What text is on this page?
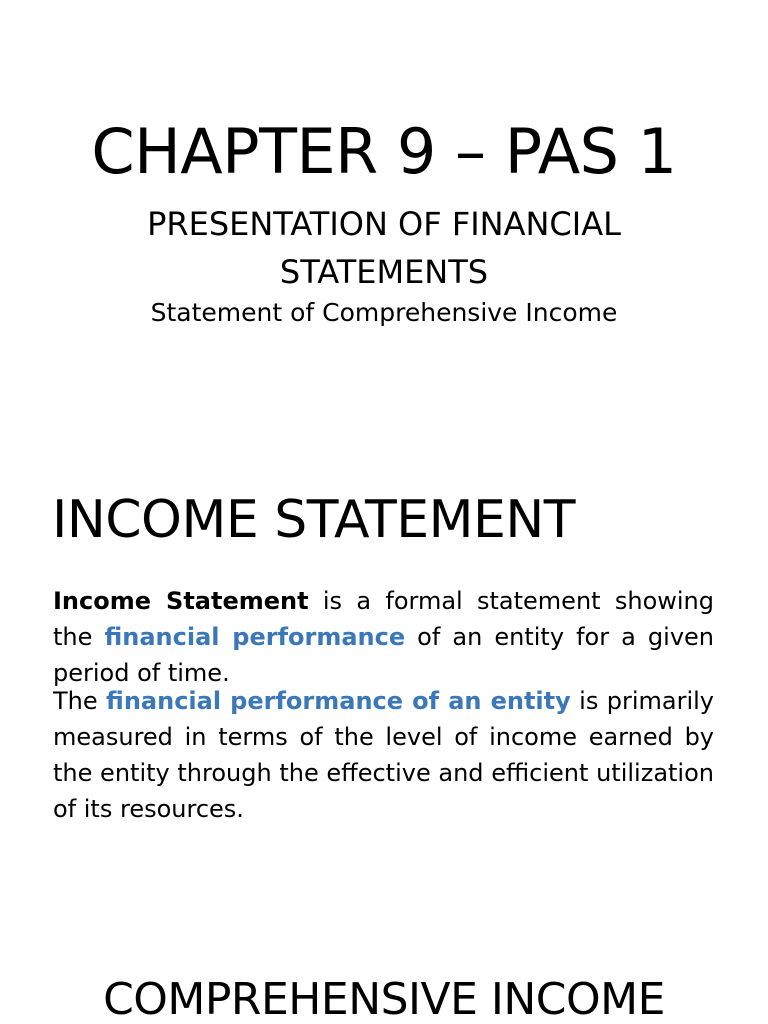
CHAPTER 9 – PAS 1
PRESENTATION OF FINANCIAL STATEMENTS
Statement of Comprehensive Income
INCOME STATEMENT

Income Statement is a formal statement showing the financial performance of an entity for a given period of time.

The financial performance of an entity is primarily measured in terms of the level of income earned by the entity through the effective and efficient utilization of its resources.

COMPREHENSIVE INCOME
